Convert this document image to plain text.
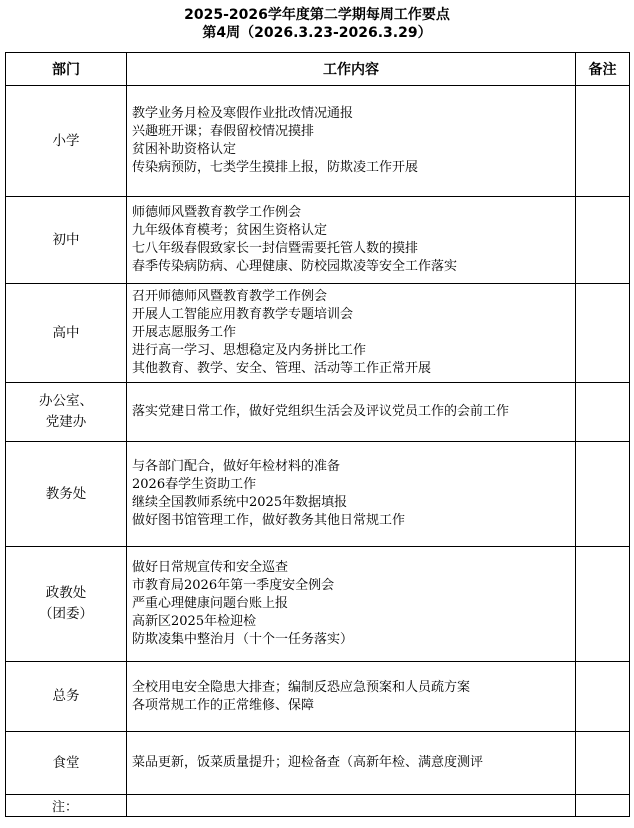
2025-2026学年度第二学期每周工作要点
第4周（2026.3.23-2026.3.29）
部门	工作内容	备注

小学	教学业务月检及寒假作业批改情况通报
兴趣班开课；春假留校情况摸排
贫困补助资格认定
传染病预防，七类学生摸排上报，防欺凌工作开展	

初中	师德师风暨教育教学工作例会
九年级体育模考；贫困生资格认定
七八年级春假致家长一封信暨需要托管人数的摸排
春季传染病防病、心理健康、防校园欺凌等安全工作落实	

高中	召开师德师风暨教育教学工作例会
开展人工智能应用教育教学专题培训会
开展志愿服务工作
进行高一学习、思想稳定及内务拼比工作
其他教育、教学、安全、管理、活动等工作正常开展	

办公室、
党建办	落实党建日常工作，做好党组织生活会及评议党员工作的会前工作	

教务处	与各部门配合，做好年检材料的准备
2026春学生资助工作
继续全国教师系统中2025年数据填报
做好图书馆管理工作，做好教务其他日常规工作	

政教处
（团委）	做好日常规宣传和安全巡查
市教育局2026年第一季度安全例会
严重心理健康问题台账上报
高新区2025年检迎检
防欺凌集中整治月（十个一任务落实）	

总务	全校用电安全隐患大排查；编制反恐应急预案和人员疏方案
各项常规工作的正常维修、保障	

食堂	菜品更新，饭菜质量提升；迎检备查（高新年检、满意度测评	

注：		
